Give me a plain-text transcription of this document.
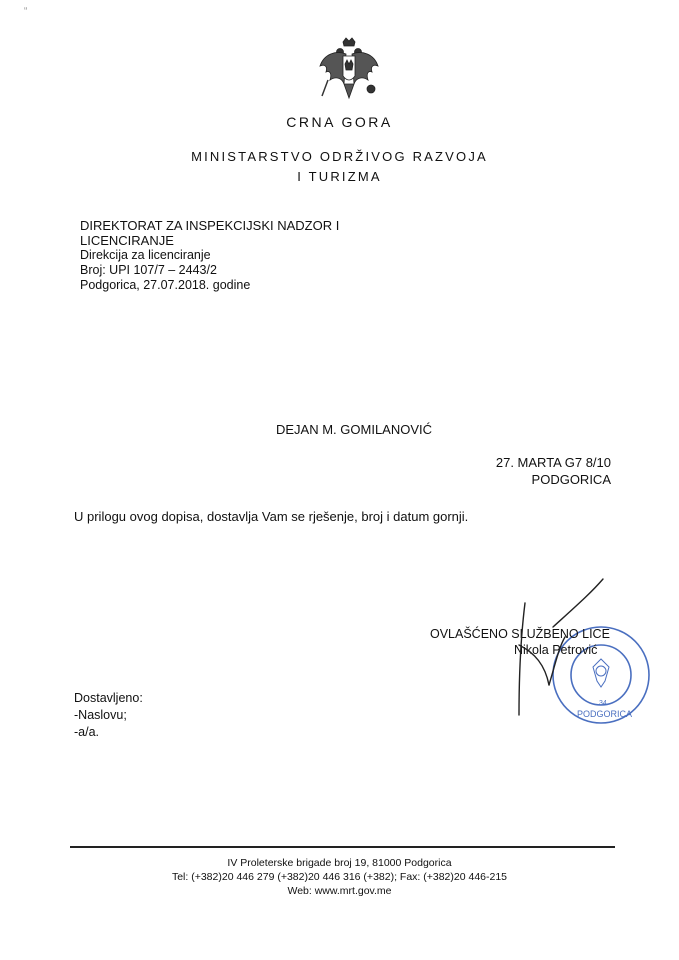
“
CRNA GORA
MINISTARSTVO ODRŽIVOG RAZVOJA
I TURIZMA
DIREKTORAT ZA INSPEKCIJSKI NADZOR I
LICENCIRANJE
Direkcija za licenciranje
Broj: UPI 107/7 – 2443/2
Podgorica, 27.07.2018. godine
DEJAN M. GOMILANOVIĆ
27. MARTA G7 8/10
PODGORICA
U prilogu ovog dopisa, dostavlja Vam se rješenje, broj i datum gornji.
34
PODGORICA
OVLAŠĆENO SLUŽBENO LICE
Nikola Petrović
Dostavljeno:
-Naslovu;
-a/a.
IV Proleterske brigade broj 19, 81000 Podgorica
Tel: (+382)20 446 279 (+382)20 446 316 (+382); Fax: (+382)20 446-215
Web: www.mrt.gov.me
